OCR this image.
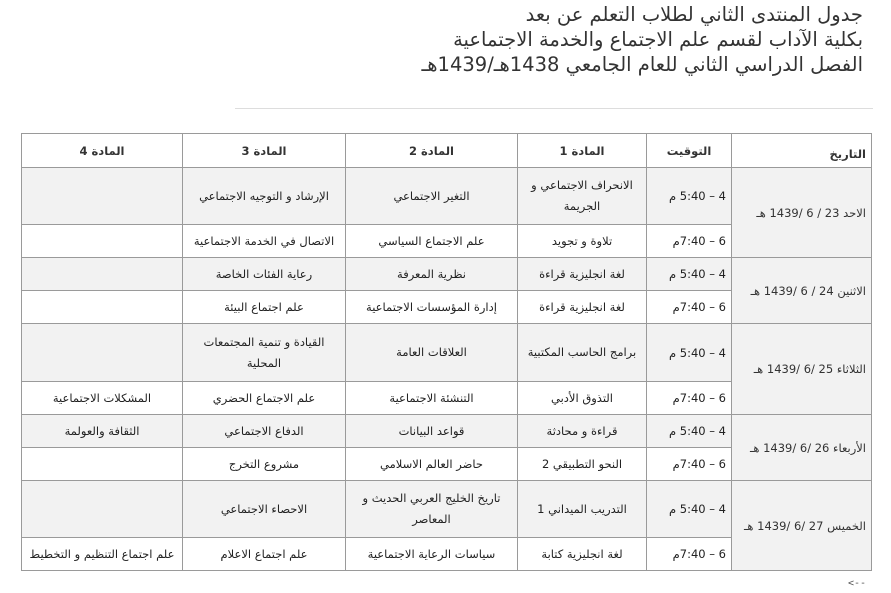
جدول المنتدى الثاني لطلاب التعلم عن بعد
بكلية الآداب لقسم علم الاجتماع والخدمة الاجتماعية
الفصل الدراسي الثاني للعام الجامعي 1438هـ/1439هـ
التاريخ	التوقيت	المادة 1	المادة 2	المادة 3	المادة 4
الاحد 23 / 6 /1439 هـ	4 – 5:40 م	الانحراف الاجتماعي و الجريمة	التغير الاجتماعي	الإرشاد و التوجيه الاجتماعي	
	6 – 7:40م	تلاوة و تجويد	علم الاجتماع السياسي	الاتصال في الخدمة الاجتماعية	
الاثنين 24 / 6 /1439 هـ	4 – 5:40 م	لغة انجليزية قراءة	نظرية المعرفة	رعاية الفئات الخاصة	
	6 – 7:40م	لغة انجليزية قراءة	إدارة المؤسسات الاجتماعية	علم اجتماع البيئة	
الثلاثاء 25 /6 /1439 هـ	4 – 5:40 م	برامج الحاسب المكتبية	العلاقات العامة	القيادة و تنمية المجتمعات المحلية	
	6 – 7:40م	التذوق الأدبي	التنشئة الاجتماعية	علم الاجتماع الحضري	المشكلات الاجتماعية
الأربعاء 26 /6 /1439 هـ	4 – 5:40 م	قراءة و محادثة	قواعد البيانات	الدفاع الاجتماعي	الثقافة والعولمة
	6 – 7:40م	النحو التطبيقي 2	حاضر العالم الاسلامي	مشروع التخرج	
الخميس 27 /6 /1439 هـ	4 – 5:40 م	التدريب الميداني 1	تاريخ الخليج العربي الحديث و المعاصر	الاحصاء الاجتماعي	
	6 – 7:40م	لغة انجليزية كتابة	سياسات الرعاية الاجتماعية	علم اجتماع الاعلام	علم اجتماع التنظيم و التخطيط
<--
